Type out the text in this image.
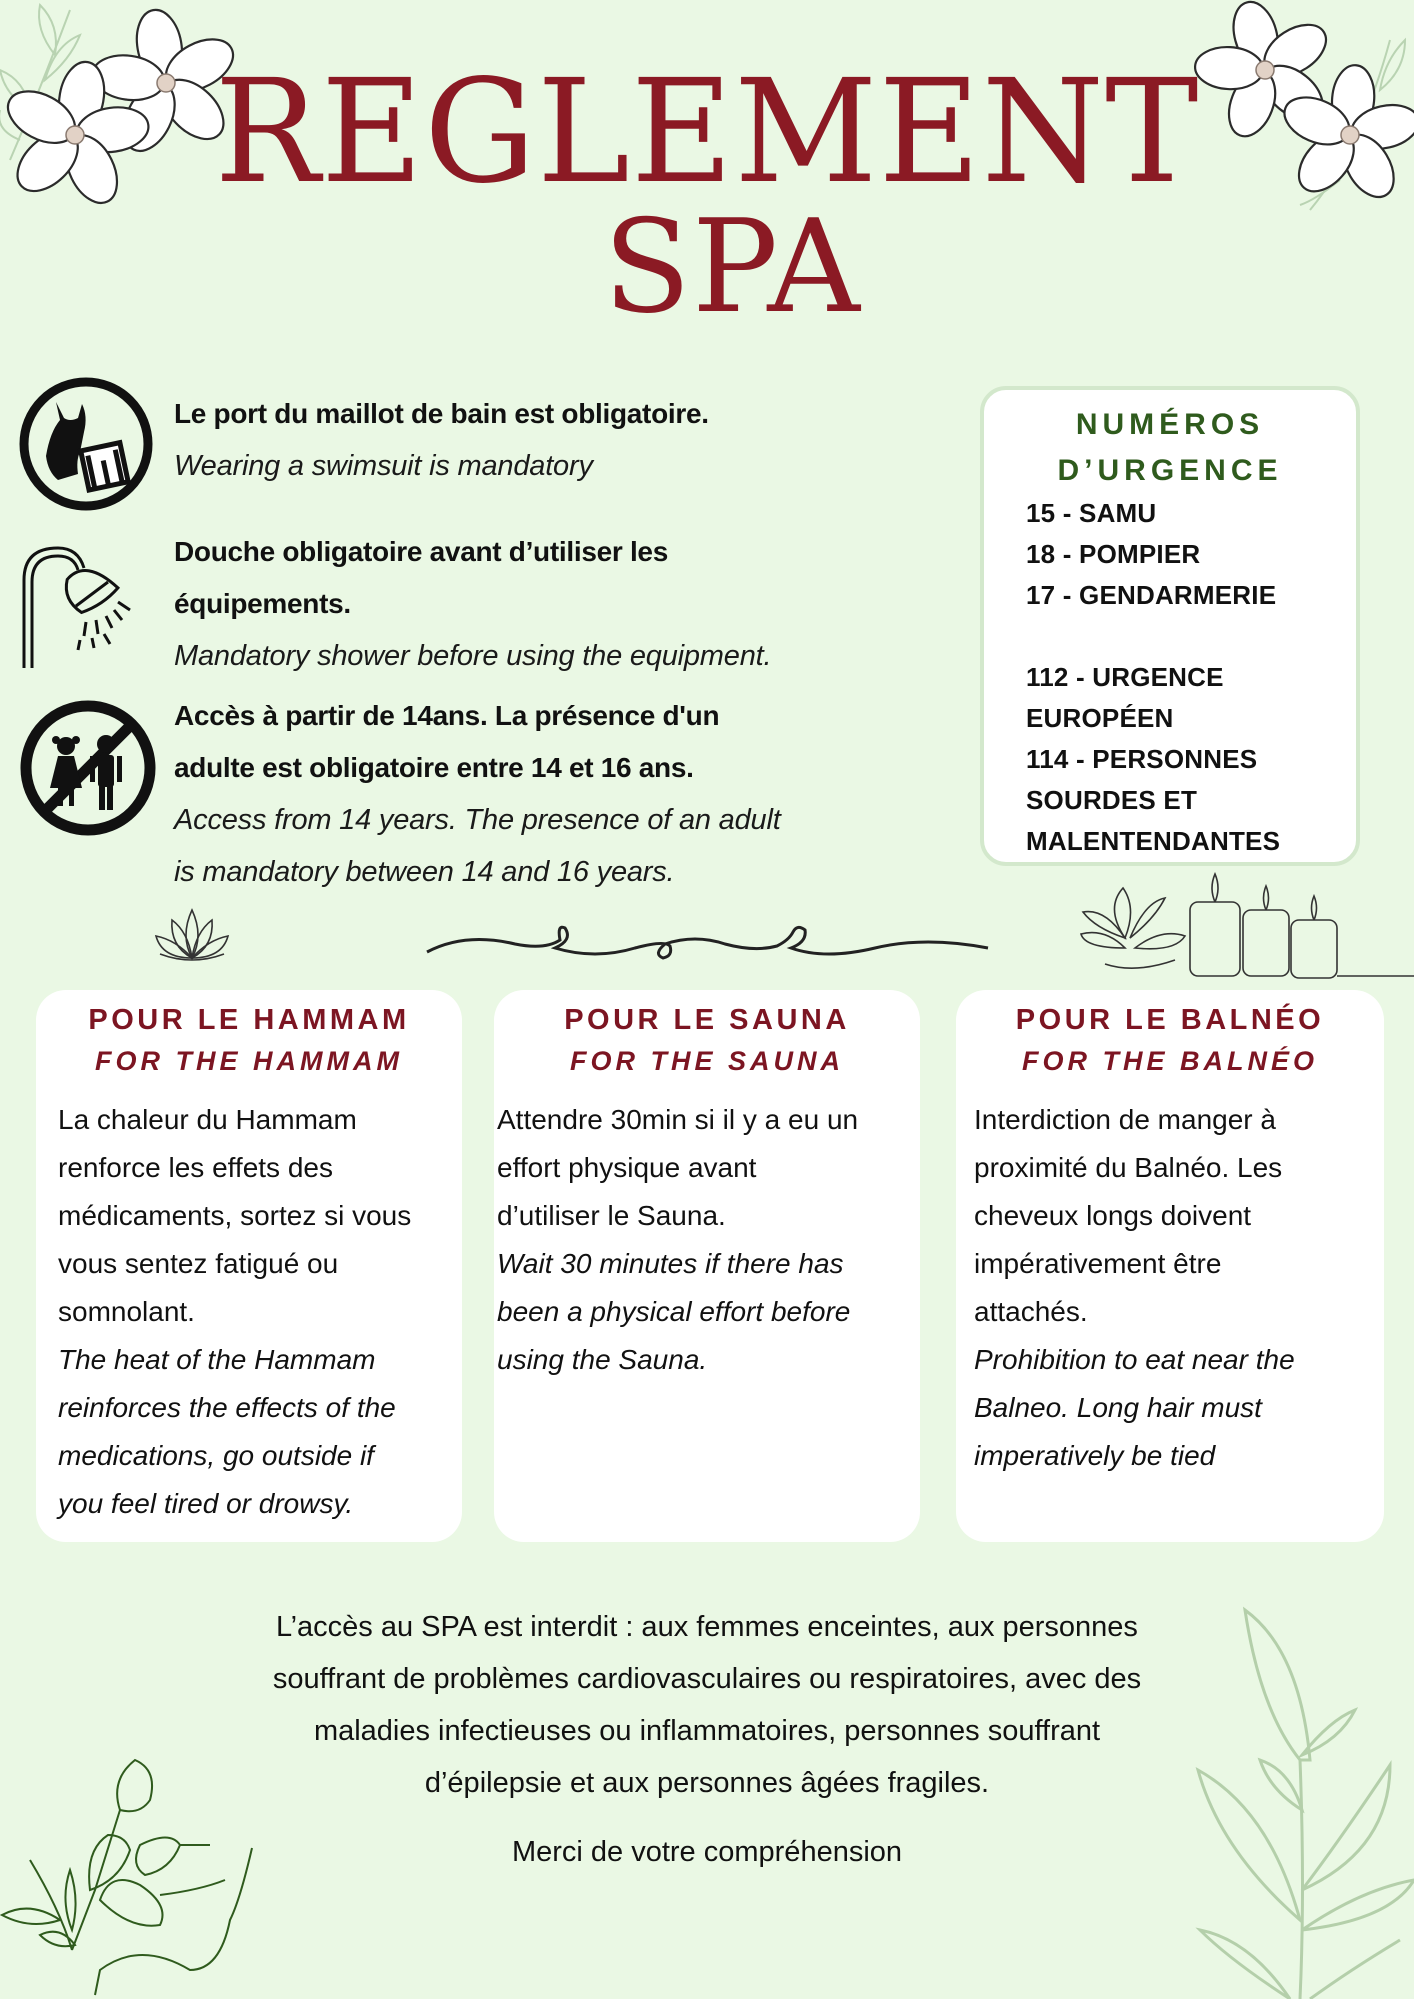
REGLEMENT
SPA
Le port du maillot de bain est obligatoire.
Wearing a swimsuit is mandatory
Douche obligatoire avant d’utiliser les
équipements.
Mandatory shower before using the equipment.
Accès à partir de 14ans. La présence d'un
adulte est obligatoire entre 14 et 16 ans.
Access from 14 years. The presence of an adult
is mandatory between 14 and 16 years.
NUMÉROS
D’URGENCE
15 - SAMU
18 - POMPIER
17 - GENDARMERIE
112 - URGENCE
EUROPÉEN
114 - PERSONNES
SOURDES ET
MALENTENDANTES
POUR LE HAMMAM
FOR THE HAMMAM

La chaleur du Hammam

renforce les effets des

médicaments, sortez si vous

vous sentez fatigué ou

somnolant.

The heat of the Hammam

reinforces the effects of the

medications, go outside if

you feel tired or drowsy.

POUR LE SAUNA
FOR THE SAUNA

Attendre 30min si il y a eu un

effort physique avant

d’utiliser le Sauna.

Wait 30 minutes if there has

been a physical effort before

using the Sauna.

POUR LE BALNÉO
FOR THE BALNÉO

Interdiction de manger à

proximité du Balnéo. Les

cheveux longs doivent

impérativement être

attachés.

Prohibition to eat near the

Balneo. Long hair must

imperatively be tied

L’accès au SPA est interdit : aux femmes enceintes, aux personnes
souffrant de problèmes cardiovasculaires ou respiratoires, avec des
maladies infectieuses ou inflammatoires, personnes souffrant
d’épilepsie et aux personnes âgées fragiles.

Merci de votre compréhension
